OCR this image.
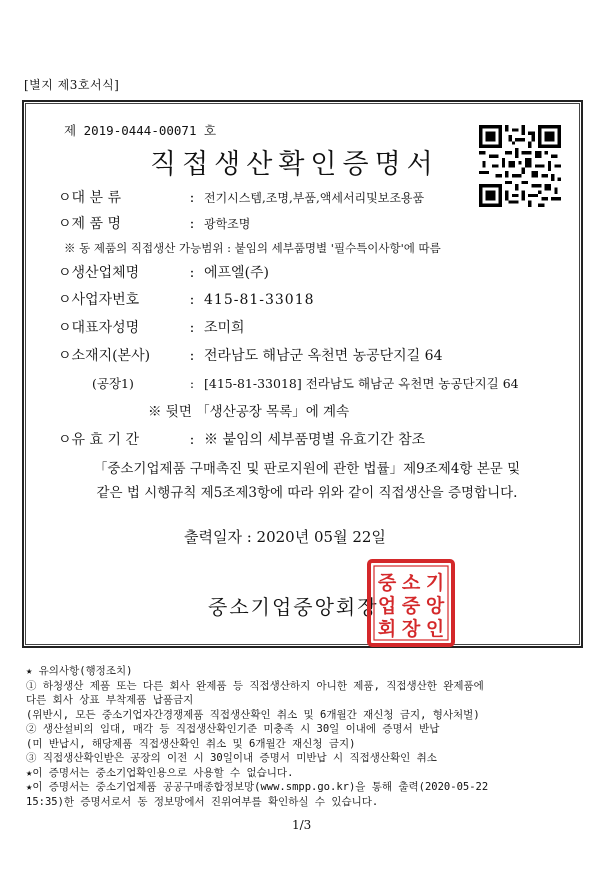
[별지 제3호서식]
제 2019-0444-00071 호
직접생산확인증명서
ㅇ대 분 류	: 전기시스템,조명,부품,액세서리및보조용품
ㅇ제 품 명	: 광학조명
※ 동 제품의 직접생산 가능범위 : 붙임의 세부품명별 '필수특이사항'에 따름
ㅇ생산업체명	: 에프엘(주)
ㅇ사업자번호	: 415-81-33018
ㅇ대표자성명	: 조미희
ㅇ소재지(본사)	: 전라남도 해남군 옥천면 농공단지길 64
(공장1)	: [415-81-33018] 전라남도 해남군 옥천면 농공단지길 64
※ 뒷면 「생산공장 목록」에 계속
ㅇ유 효 기 간	: ※ 붙임의 세부품명별 유효기간 참조
「중소기업제품 구매촉진 및 판로지원에 관한 법률」제9조제4항 본문 및
같은 법 시행규칙 제5조제3항에 따라 위와 같이 직접생산을 증명합니다.
출력일자 : 2020년 05월 22일
중소기업중앙회장
중 소 기
업 중 앙
회 장 인
★ 유의사항(행정조치)
① 하청생산 제품 또는 다른 회사 완제품 등 직접생산하지 아니한 제품, 직접생산한 완제품에
다른 회사 상표 부착제품 납품금지
(위반시, 모든 중소기업자간경쟁제품 직접생산확인 취소 및 6개월간 재신청 금지, 형사처벌)
② 생산설비의 임대, 매각 등 직접생산확인기준 미충족 시 30일 이내에 증명서 반납
(미 반납시, 해당제품 직접생산확인 취소 및 6개월간 재신청 금지)
③ 직접생산확인받은 공장의 이전 시 30일이내 증명서 미반납 시 직접생산확인 취소
★이 증명서는 중소기업확인용으로 사용할 수 없습니다.
★이 증명서는 중소기업제품 공공구매종합정보망(www.smpp.go.kr)을 통해 출력(2020-05-22
15:35)한 증명서로서 동 정보망에서 진위여부를 확인하실 수 있습니다.
1/3
